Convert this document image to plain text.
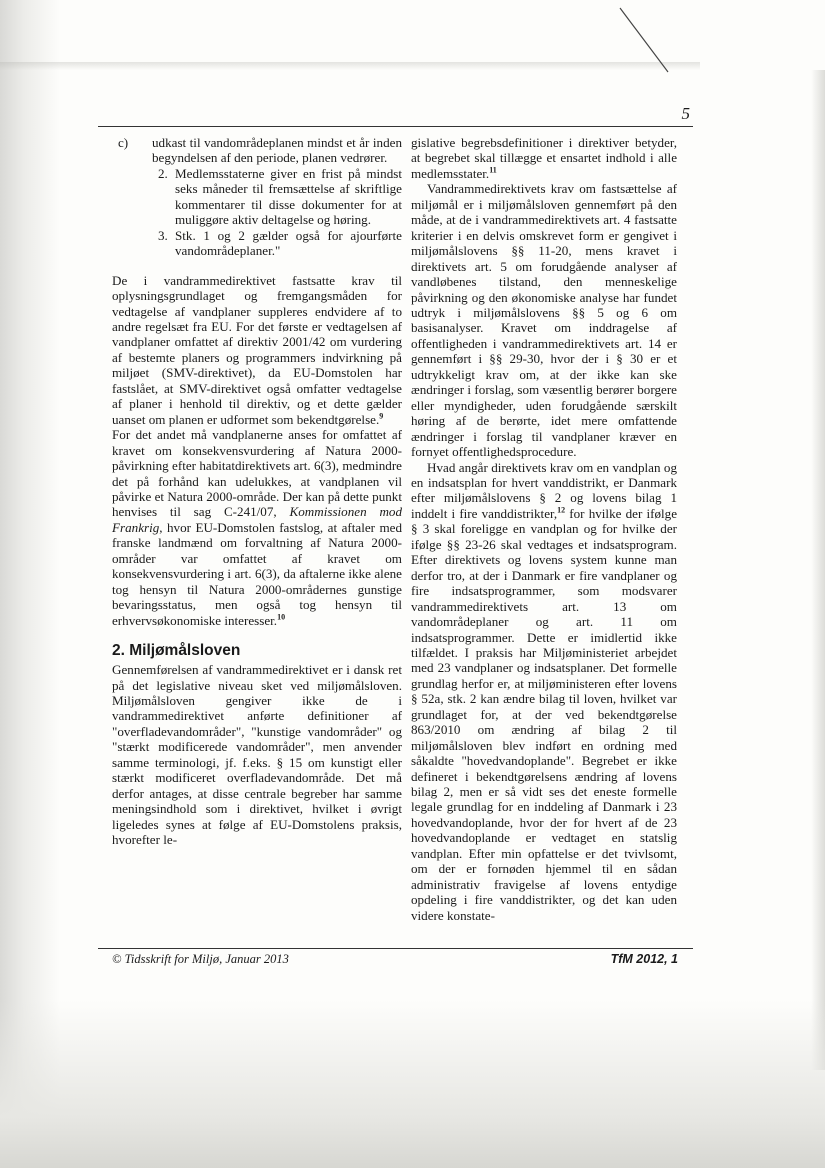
5
c)	udkast til vandområdeplanen mindst et år inden begyndelsen af den periode, planen vedrører.
2. Medlemsstaterne giver en frist på mindst seks måneder til fremsættelse af skriftlige kommentarer til disse dokumenter for at muliggøre aktiv deltagelse og høring.
3. Stk. 1 og 2 gælder også for ajourførte vandområdeplaner."

De i vandrammedirektivet fastsatte krav til oplysningsgrundlaget og fremgangsmåden for vedtagelse af vandplaner suppleres endvidere af to andre regelsæt fra EU. For det første er vedtagelsen af vandplaner omfattet af direktiv 2001/42 om vurdering af bestemte planers og programmers indvirkning på miljøet (SMV-direktivet), da EU-Domstolen har fastslået, at SMV-direktivet også omfatter vedtagelse af planer i henhold til direktiv, og et dette gælder uanset om planen er udformet som bekendtgørelse.$^9$

For det andet må vandplanerne anses for omfattet af kravet om konsekvensvurdering af Natura 2000-påvirkning efter habitatdirektivets art. 6(3), medmindre det på forhånd kan udelukkes, at vandplanen vil påvirke et Natura 2000-område. Der kan på dette punkt henvises til sag C-241/07, Kommissionen mod Frankrig, hvor EU-Domstolen fastslog, at aftaler med franske landmænd om forvaltning af Natura 2000-områder var omfattet af kravet om konsekvensvurdering i art. 6(3), da aftalerne ikke alene tog hensyn til Natura 2000-områdernes gunstige bevaringsstatus, men også tog hensyn til erhvervsøkonomiske interesser.$^{10}$

2. Miljømålsloven

Gennemførelsen af vandrammedirektivet er i dansk ret på det legislative niveau sket ved miljømålsloven. Miljømålsloven gengiver ikke de i vandrammedirektivet anførte definitioner af "overfladevandområder", "kunstige vandområder" og "stærkt modificerede vandområder", men anvender samme terminologi, jf. f.eks. § 15 om kunstigt eller stærkt modificeret overfladevandområde. Det må derfor antages, at disse centrale begreber har samme meningsindhold som i direktivet, hvilket i øvrigt ligeledes synes at følge af EU-Domstolens praksis, hvorefter le-

gislative begrebsdefinitioner i direktiver betyder, at begrebet skal tillægge et ensartet indhold i alle medlemsstater.$^{11}$

Vandrammedirektivets krav om fastsættelse af miljømål er i miljømålsloven gennemført på den måde, at de i vandrammedirektivets art. 4 fastsatte kriterier i en delvis omskrevet form er gengivet i miljømålslovens §§ 11-20, mens kravet i direktivets art. 5 om forudgående analyser af vandløbenes tilstand, den menneskelige påvirkning og den økonomiske analyse har fundet udtryk i miljømålslovens §§ 5 og 6 om basisanalyser. Kravet om inddragelse af offentligheden i vandrammedirektivets art. 14 er gennemført i §§ 29-30, hvor der i § 30 er et udtrykkeligt krav om, at der ikke kan ske ændringer i forslag, som væsentlig berører borgere eller myndigheder, uden forudgående særskilt høring af de berørte, idet mere omfattende ændringer i forslag til vandplaner kræver en fornyet offentlighedsprocedure.

Hvad angår direktivets krav om en vandplan og en indsatsplan for hvert vanddistrikt, er Danmark efter miljømålslovens § 2 og lovens bilag 1 inddelt i fire vanddistrikter,$^{12}$ for hvilke der ifølge § 3 skal foreligge en vandplan og for hvilke der ifølge §§ 23-26 skal vedtages et indsatsprogram. Efter direktivets og lovens system kunne man derfor tro, at der i Danmark er fire vandplaner og fire indsatsprogrammer, som modsvarer vandrammedirektivets art. 13 om vandområdeplaner og art. 11 om indsatsprogrammer. Dette er imidlertid ikke tilfældet. I praksis har Miljøministeriet arbejdet med 23 vandplaner og indsatsplaner. Det formelle grundlag herfor er, at miljøministeren efter lovens § 52a, stk. 2 kan ændre bilag til loven, hvilket var grundlaget for, at der ved bekendtgørelse 863/2010 om ændring af bilag 2 til miljømålsloven blev indført en ordning med såkaldte "hovedvandoplande". Begrebet er ikke defineret i bekendtgørelsens ændring af lovens bilag 2, men er så vidt ses det eneste formelle legale grundlag for en inddeling af Danmark i 23 hovedvandoplande, hvor der for hvert af de 23 hovedvandoplande er vedtaget en statslig vandplan. Efter min opfattelse er det tvivlsomt, om der er fornøden hjemmel til en sådan administrativ fravigelse af lovens entydige opdeling i fire vanddistrikter, og det kan uden videre konstate-

© Tidsskrift for Miljø, Januar 2013	TfM 2012, 1
